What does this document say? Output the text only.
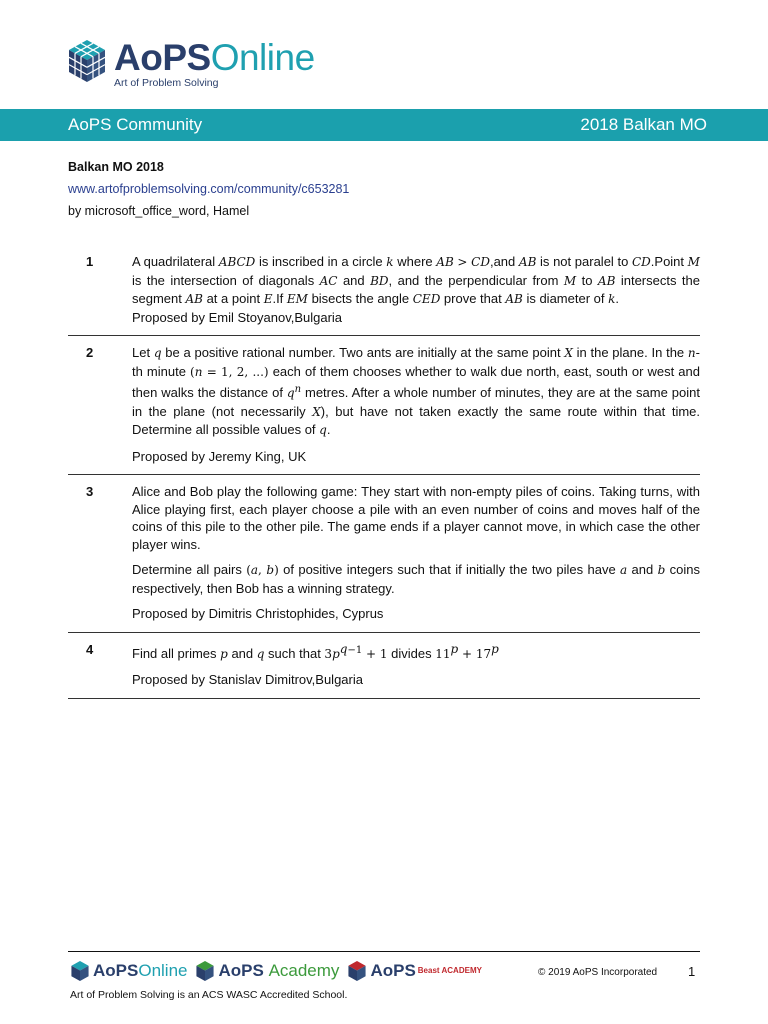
AoPSOnline
Art of Problem Solving
AoPS Community	2018 Balkan MO
Balkan MO 2018
www.artofproblemsolving.com/community/c653281
by microsoft_office_word, Hamel
1	A quadrilateral ABCD is inscribed in a circle k where AB > CD,and AB is not paralel to CD.Point M is the intersection of diagonals AC and BD, and the perpendicular from M to AB intersects the segment AB at a point E.If EM bisects the angle CED prove that AB is diameter of k.
Proposed by Emil Stoyanov,Bulgaria

2	Let q be a positive rational number. Two ants are initially at the same point X in the plane. In the n-th minute (n = 1, 2, ...) each of them chooses whether to walk due north, east, south or west and then walks the distance of $q^n$ metres. After a whole number of minutes, they are at the same point in the plane (not necessarily X), but have not taken exactly the same route within that time. Determine all possible values of q.

Proposed by Jeremy King, UK

3	Alice and Bob play the following game: They start with non-empty piles of coins. Taking turns, with Alice playing first, each player choose a pile with an even number of coins and moves half of the coins of this pile to the other pile. The game ends if a player cannot move, in which case the other player wins.

Determine all pairs (a, b) of positive integers such that if initially the two piles have a and b coins respectively, then Bob has a winning strategy.

Proposed by Dimitris Christophides, Cyprus

4	Find all primes p and q such that $3p^{q-1} + 1$ divides $11^p + 17^p$

Proposed by Stanislav Dimitrov,Bulgaria

AoPSOnline AoPS Academy AoPS Beast ACADEMY	© 2019 AoPS Incorporated 1
Art of Problem Solving is an ACS WASC Accredited School.
